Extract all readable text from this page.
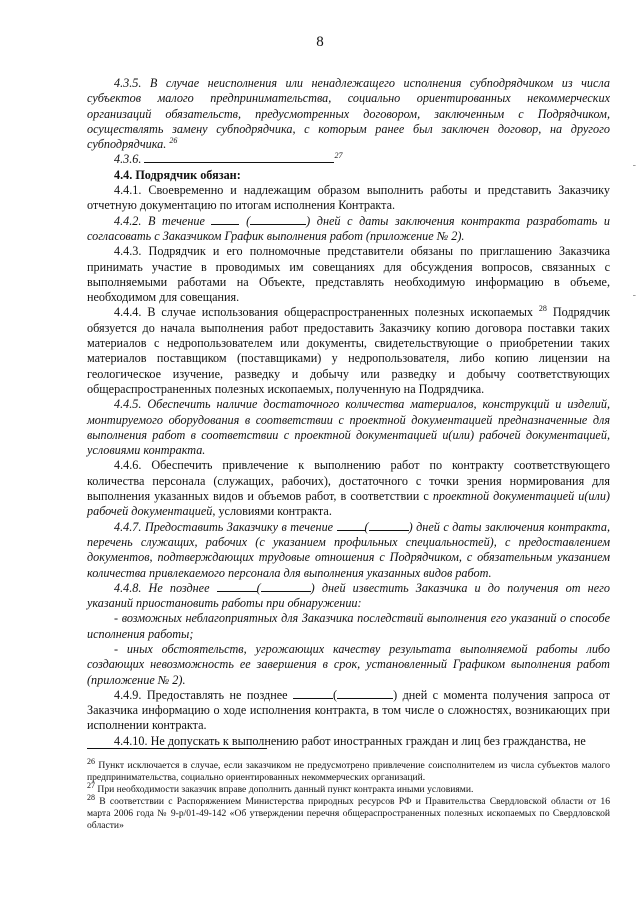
8

4.3.5. В случае неисполнения или ненадлежащего исполнения субподрядчиком из числа субъектов малого предпринимательства, социально ориентированных некоммерческих организаций обязательств, предусмотренных договором, заключенным с Подрядчиком, осуществлять замену субподрядчика, с которым ранее был заключен договор, на другого субподрядчика. $^{26}$

4.3.6.	$^{27}$

4.4. Подрядчик обязан:

4.4.1. Своевременно и надлежащим образом выполнить работы и представить Заказчику отчетную документацию по итогам исполнения Контракта.

4.4.2. В течение	(	) дней с даты заключения контракта разработать и согласовать с Заказчиком График выполнения работ (приложение № 2).

4.4.3. Подрядчик и его полномочные представители обязаны по приглашению Заказчика принимать участие в проводимых им совещаниях для обсуждения вопросов, связанных с выполняемыми работами на Объекте, представлять необходимую информацию в объеме, необходимом для совещания.

4.4.4. В случае использования общераспространенных полезных ископаемых $^{28}$ Подрядчик обязуется до начала выполнения работ предоставить Заказчику копию договора поставки таких материалов с недропользователем или документы, свидетельствующие о приобретении таких материалов поставщиком (поставщиками) у недропользователя, либо копию лицензии на геологическое изучение, разведку и добычу или разведку и добычу соответствующих общераспространенных полезных ископаемых, полученную на Подрядчика.

4.4.5. Обеспечить наличие достаточного количества материалов, конструкций и изделий, монтируемого оборудования в соответствии с проектной документацией предназначенные для выполнения работ в соответствии с проектной документацией и(или) рабочей документацией, условиями контракта.

4.4.6. Обеспечить привлечение к выполнению работ по контракту соответствующего количества персонала (служащих, рабочих), достаточного с точки зрения нормирования для выполнения указанных видов и объемов работ, в соответствии с проектной документацией и(или) рабочей документацией, условиями контракта.

4.4.7. Предоставить Заказчику в течение	(	) дней с даты заключения контракта, перечень служащих, рабочих (с указанием профильных специальностей), с предоставлением документов, подтверждающих трудовые отношения с Подрядчиком, с обязательным указанием количества привлекаемого персонала для выполнения указанных видов работ.

4.4.8. Не позднее	(	) дней известить Заказчика и до получения от него указаний приостановить работы при обнаружении:

- возможных неблагоприятных для Заказчика последствий выполнения его указаний о способе исполнения работы;

- иных обстоятельств, угрожающих качеству результата выполняемой работы либо создающих невозможность ее завершения в срок, установленный Графиком выполнения работ (приложение № 2).

4.4.9. Предоставлять не позднее	(	) дней с момента получения запроса от Заказчика информацию о ходе исполнения контракта, в том числе о сложностях, возникающих при исполнении контракта.

4.4.10. Не допускать к выполнению работ иностранных граждан и лиц без гражданства, не

$^{26}$ Пункт исключается в случае, если заказчиком не предусмотрено привлечение соисполнителем из числа субъектов малого предпринимательства, социально ориентированных некоммерческих организаций.

$^{27}$ При необходимости заказчик вправе дополнить данный пункт контракта иными условиями.

$^{28}$ В соответствии с Распоряжением Министерства природных ресурсов РФ и Правительства Свердловской области от 16 марта 2006 года № 9-р/01-49-142 «Об утверждении перечня общераспространенных полезных ископаемых по Свердловской области»

-
-
